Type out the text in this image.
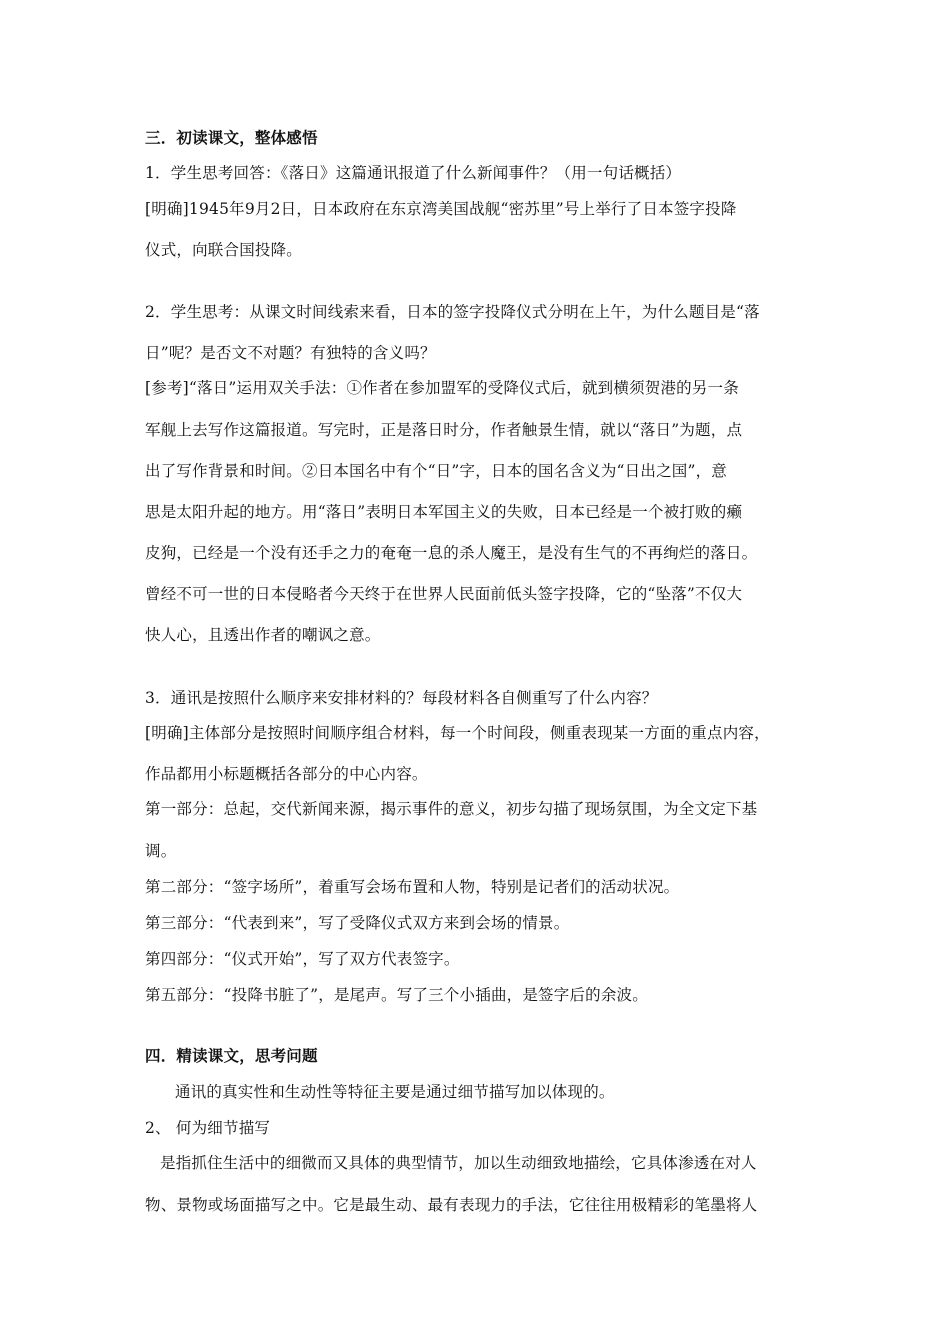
三．初读课文，整体感悟
1．学生思考回答：《落日》这篇通讯报道了什么新闻事件？（用一句话概括）
[明确]1945年9月2日，日本政府在东京湾美国战舰“密苏里”号上举行了日本签字投降
仪式，向联合国投降。
2．学生思考：从课文时间线索来看，日本的签字投降仪式分明在上午，为什么题目是“落
日”呢？是否文不对题？有独特的含义吗？
[参考]“落日”运用双关手法：①作者在参加盟军的受降仪式后，就到横须贺港的另一条
军舰上去写作这篇报道。写完时，正是落日时分，作者触景生情，就以“落日”为题，点
出了写作背景和时间。②日本国名中有个“日”字，日本的国名含义为“日出之国”，意
思是太阳升起的地方。用“落日”表明日本军国主义的失败，日本已经是一个被打败的癞
皮狗，已经是一个没有还手之力的奄奄一息的杀人魔王，是没有生气的不再绚烂的落日。
曾经不可一世的日本侵略者今天终于在世界人民面前低头签字投降，它的“坠落”不仅大
快人心，且透出作者的嘲讽之意。
3．通讯是按照什么顺序来安排材料的？每段材料各自侧重写了什么内容？
[明确]主体部分是按照时间顺序组合材料，每一个时间段，侧重表现某一方面的重点内容，
作品都用小标题概括各部分的中心内容。
第一部分：总起，交代新闻来源，揭示事件的意义，初步勾描了现场氛围，为全文定下基
调。
第二部分：“签字场所”，着重写会场布置和人物，特别是记者们的活动状况。
第三部分：“代表到来”，写了受降仪式双方来到会场的情景。
第四部分：“仪式开始”，写了双方代表签字。
第五部分：“投降书脏了”，是尾声。写了三个小插曲，是签字后的余波。
四．精读课文，思考问题
通讯的真实性和生动性等特征主要是通过细节描写加以体现的。
2、 何为细节描写
是指抓住生活中的细微而又具体的典型情节，加以生动细致地描绘，它具体渗透在对人
物、景物或场面描写之中。它是最生动、最有表现力的手法，它往往用极精彩的笔墨将人
